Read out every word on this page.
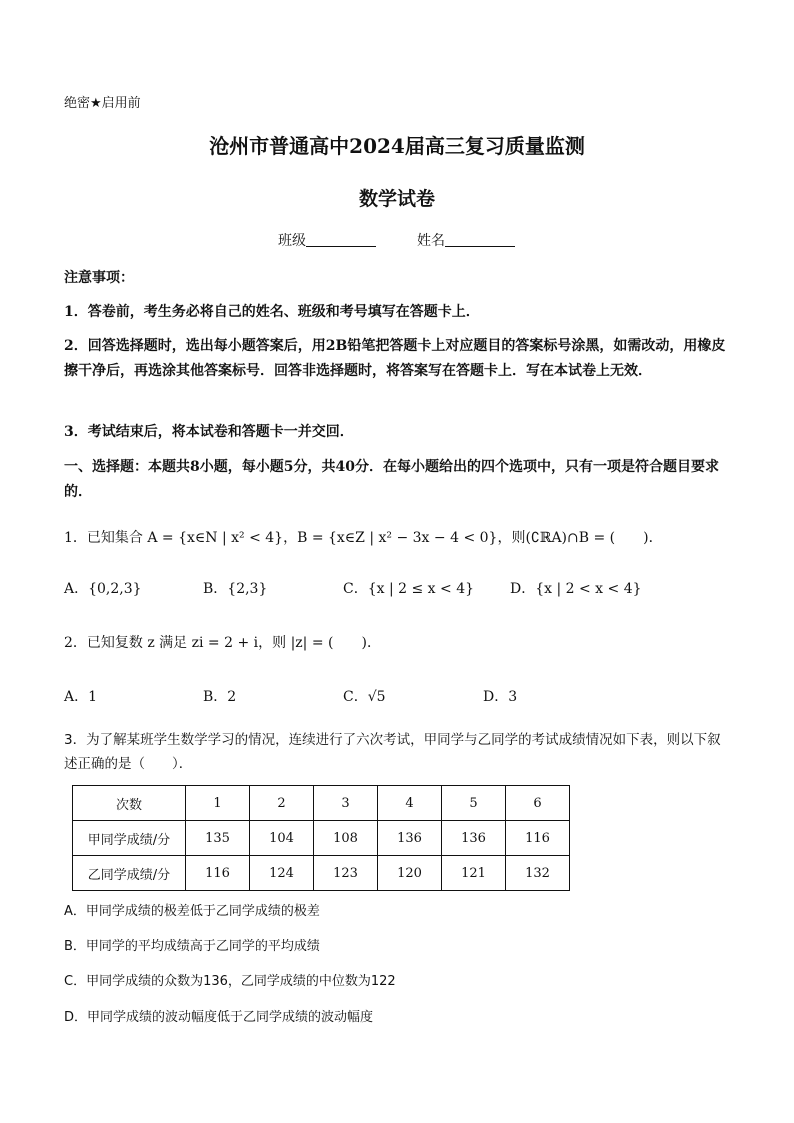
绝密★启用前
沧州市普通高中2024届高三复习质量监测
数学试卷
班级	姓名
注意事项：
1．答卷前，考生务必将自己的姓名、班级和考号填写在答题卡上．
2．回答选择题时，选出每小题答案后，用2B铅笔把答题卡上对应题目的答案标号涂黑，如需改动，用橡皮擦干净后，再选涂其他答案标号．回答非选择题时，将答案写在答题卡上．写在本试卷上无效．
3．考试结束后，将本试卷和答题卡一并交回．
一、选择题：本题共8小题，每小题5分，共40分．在每小题给出的四个选项中，只有一项是符合题目要求的．
1．已知集合 A = {x∈N | x² < 4}，B = {x∈Z | x² − 3x − 4 < 0}，则(∁ℝA)∩B = (　　)．
A．{0,2,3}	B．{2,3}	C．{x | 2 ≤ x < 4}	D．{x | 2 < x < 4}
2．已知复数 z 满足 zi = 2 + i，则 |z| = (　　)．
A．1	B．2	C．√5	D．3
3．为了解某班学生数学学习的情况，连续进行了六次考试，甲同学与乙同学的考试成绩情况如下表，则以下叙述正确的是（　　）．
次数	1	2	3	4	5	6
甲同学成绩/分	135	104	108	136	136	116
乙同学成绩/分	116	124	123	120	121	132
A．甲同学成绩的极差低于乙同学成绩的极差
B．甲同学的平均成绩高于乙同学的平均成绩
C．甲同学成绩的众数为136，乙同学成绩的中位数为122
D．甲同学成绩的波动幅度低于乙同学成绩的波动幅度
